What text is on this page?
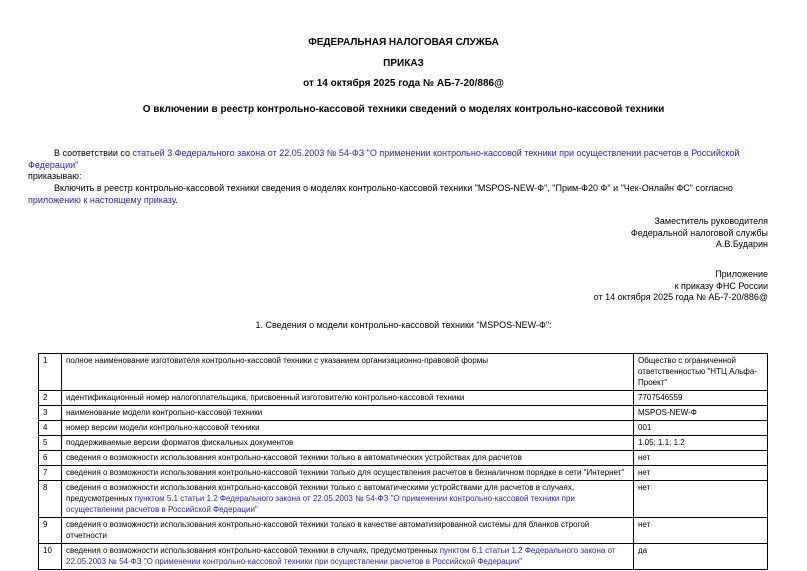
ФЕДЕРАЛЬНАЯ НАЛОГОВАЯ СЛУЖБА
ПРИКАЗ
от 14 октября 2025 года № АБ-7-20/886@
О включении в реестр контрольно-кассовой техники сведений о моделях контрольно-кассовой техники
В соответствии со статьей 3 Федерального закона от 22.05.2003 № 54-ФЗ "О применении контрольно-кассовой техники при осуществлении расчетов в Российской Федерации"
приказываю:
Включить в реестр контрольно-кассовой техники сведения о моделях контрольно-кассовой техники "MSPOS-NEW-Ф", "Прим-Ф20 Ф" и "Чек-Онлайн ФС" согласно приложению к настоящему приказу.
Заместитель руководителя
Федеральной налоговой службы
А.В.Бударин
Приложение
к приказу ФНС России
от 14 октября 2025 года № АБ-7-20/886@
1. Сведения о модели контрольно-кассовой техники "MSPOS-NEW-Ф":
1	полное наименование изготовителя контрольно-кассовой техники с указанием организационно-правовой формы	Общество с ограниченной ответственностью "НТЦ Альфа-Проект"
2	идентификационный номер налогоплательщика, присвоенный изготовителю контрольно-кассовой техники	7707546559
3	наименование модели контрольно-кассовой техники	MSPOS-NEW-Ф
4	номер версии модели контрольно-кассовой техники	001
5	поддерживаемые версии форматов фискальных документов	1.05; 1.1; 1.2
6	сведения о возможности использования контрольно-кассовой техники только в автоматических устройствах для расчетов	нет
7	сведения о возможности использования контрольно-кассовой техники только для осуществления расчетов в безналичном порядке в сети "Интернет"	нет
8	сведения о возможности использования контрольно-кассовой техники только с автоматическими устройствами для расчетов в случаях, предусмотренных пунктом 5.1 статьи 1.2 Федерального закона от 22.05.2003 № 54-ФЗ "О применении контрольно-кассовой техники при осуществлении расчетов в Российской Федерации"	нет
9	сведения о возможности использования контрольно-кассовой техники только в качестве автоматизированной системы для бланков строгой отчетности	нет
10	сведения о возможности использования контрольно-кассовой техники в случаях, предусмотренных пунктом 6.1 статьи 1.2 Федерального закона от 22.05.2003 № 54-ФЗ "О применении контрольно-кассовой техники при осуществлении расчетов в Российской Федерации"	да
